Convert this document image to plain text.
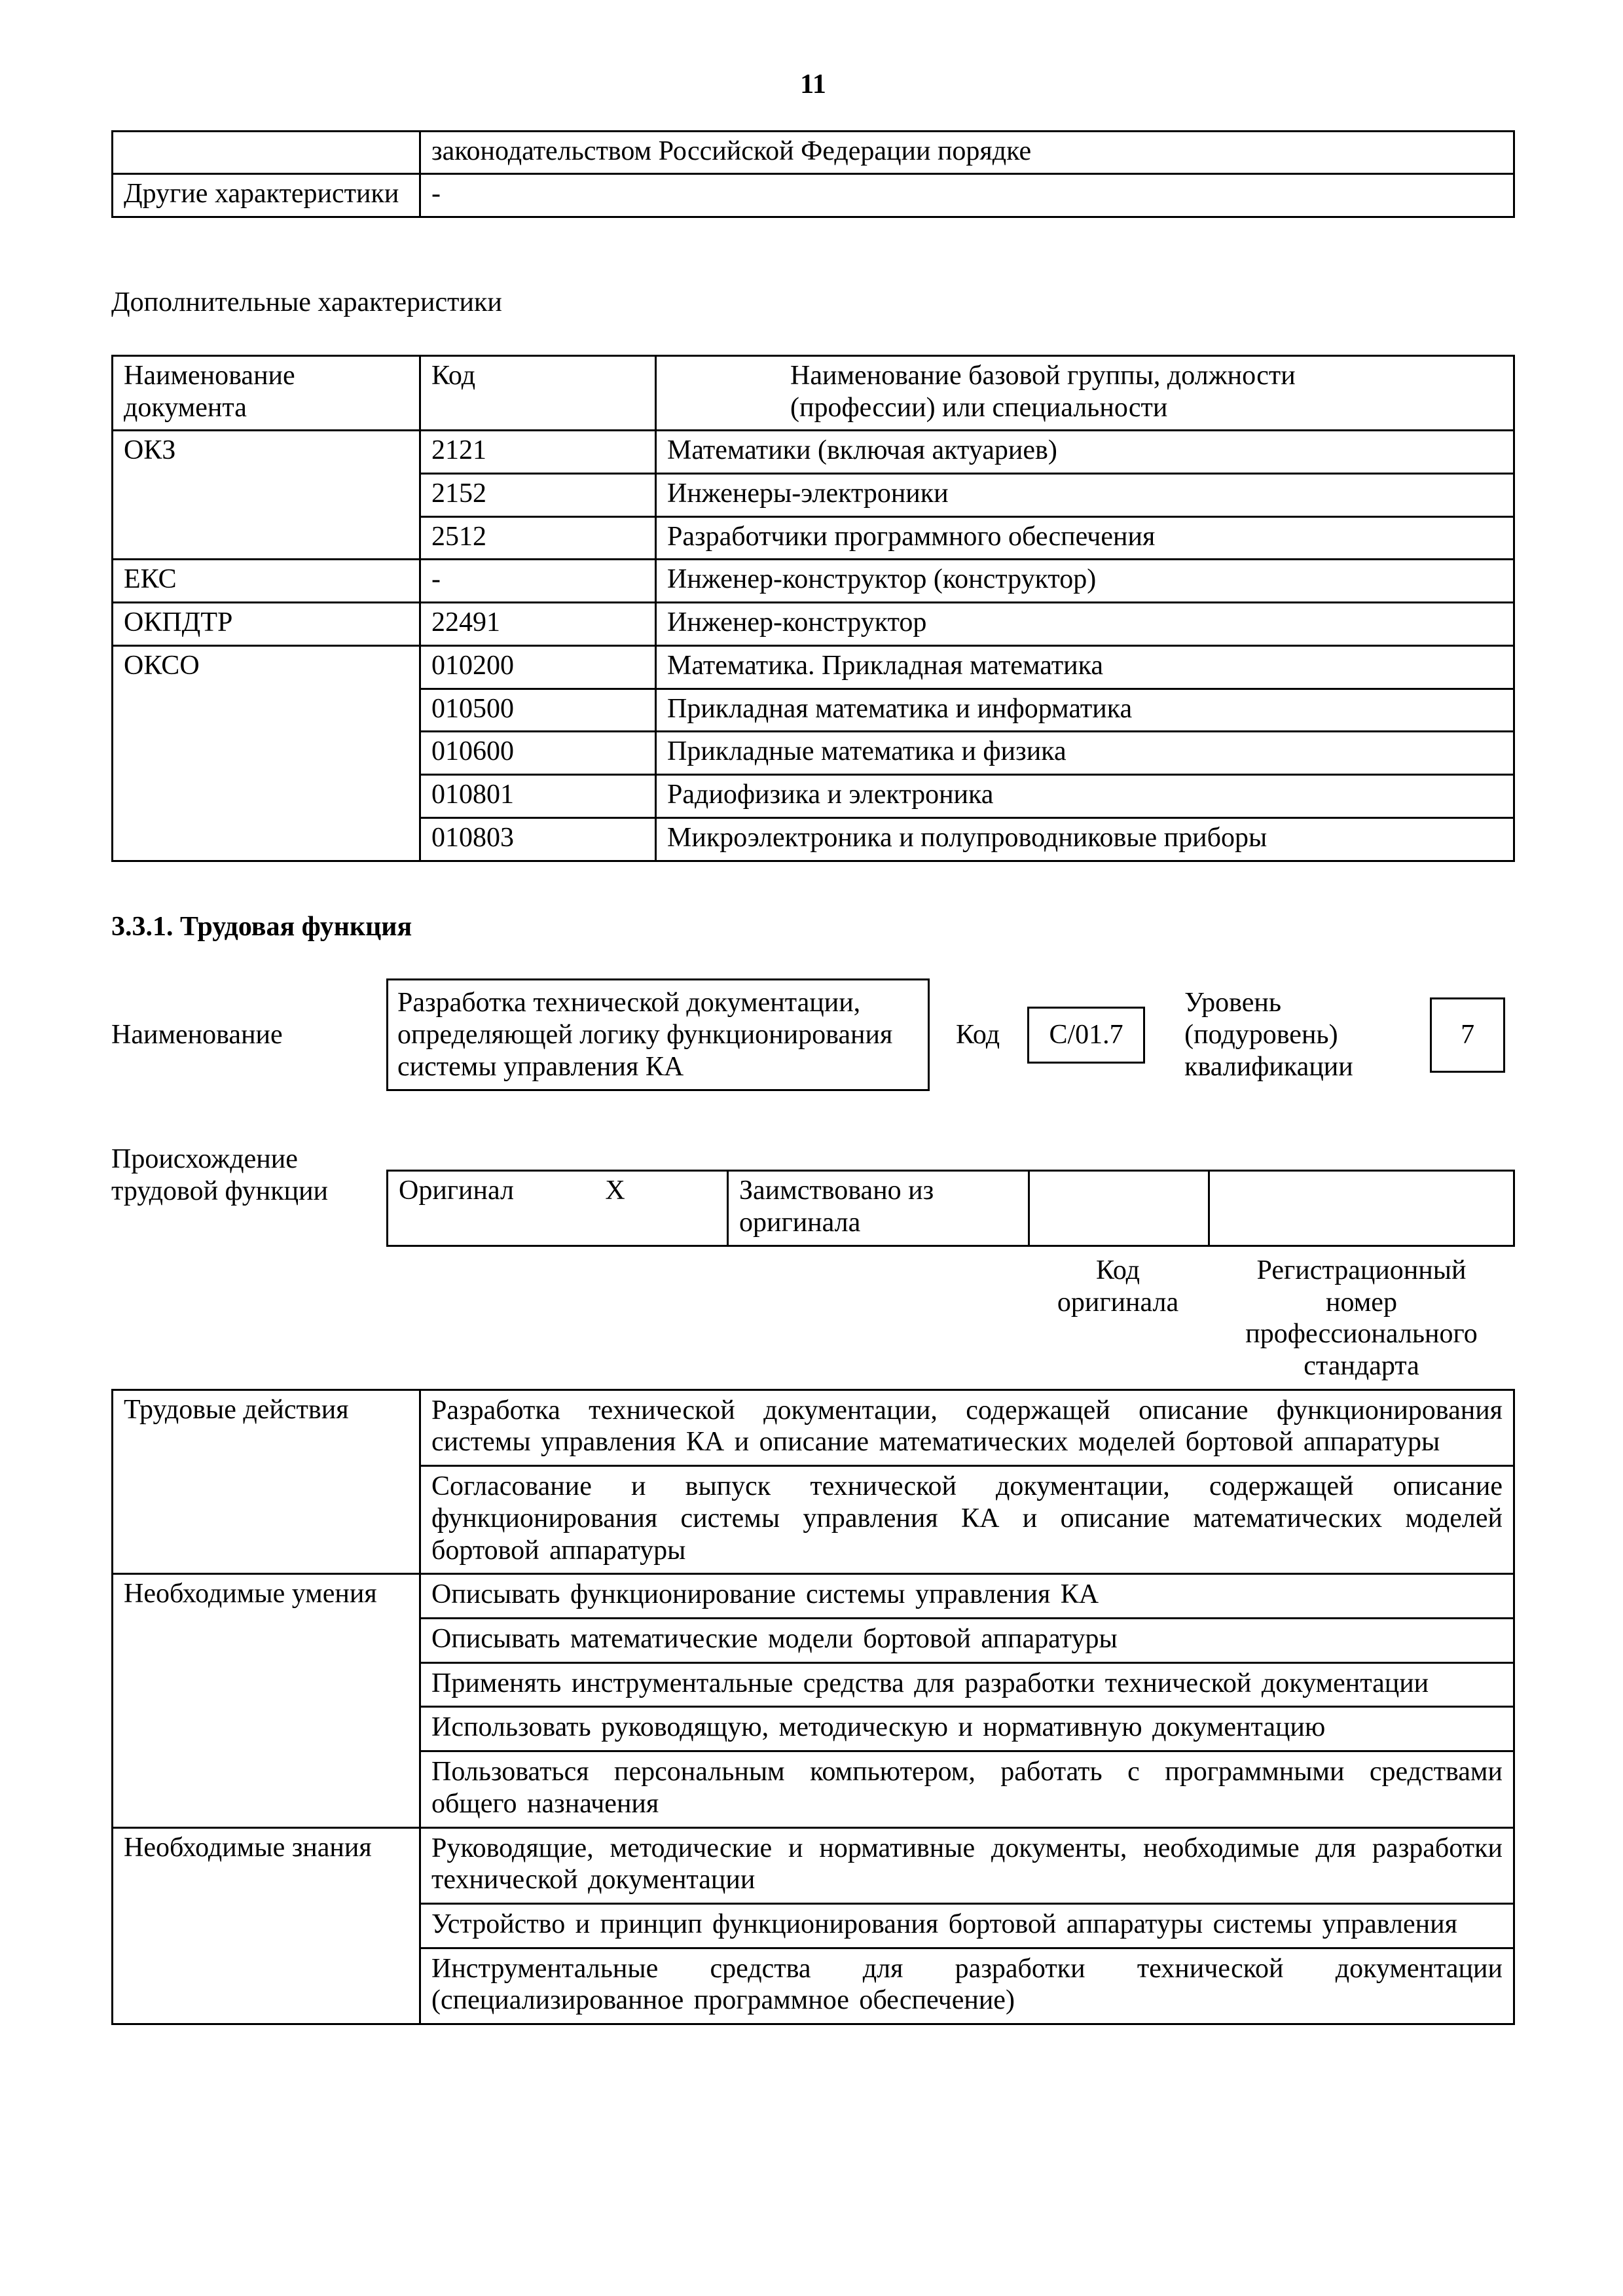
11
	законодательством Российской Федерации порядке
Другие характеристики	-
Дополнительные характеристики
Наименование документа	Код	Наименование базовой группы, должности (профессии) или специальности

ОКЗ	2121	Математики (включая актуариев)
	2152	Инженеры-электроники
	2512	Разработчики программного обеспечения
ЕКС	-	Инженер-конструктор (конструктор)
ОКПДТР	22491	Инженер-конструктор
ОКСО	010200	Математика. Прикладная математика
	010500	Прикладная математика и информатика
	010600	Прикладные математика и физика
	010801	Радиофизика и электроника
	010803	Микроэлектроника и полупроводниковые приборы
3.3.1. Трудовая функция
Наименование
Разработка технической документации, определяющей логику функционирования системы управления КА
Код	С/01.7
Уровень (подуровень) квалификации
7
Происхождение трудовой функции	Оригинал	X	Заимствовано из оригинала		
Код оригинала
Регистрационный номер профессионального стандарта
Трудовые действия	Разработка технической документации, содержащей описание функционирования системы управления КА и описание математических моделей бортовой аппаратуры
	Согласование и выпуск технической документации, содержащей описание функционирования системы управления КА и описание математических моделей бортовой аппаратуры
Необходимые умения	Описывать функционирование системы управления КА
	Описывать математические модели бортовой аппаратуры
	Применять инструментальные средства для разработки технической документации
	Использовать руководящую, методическую и нормативную документацию
	Пользоваться персональным компьютером, работать с программными средствами общего назначения
Необходимые знания	Руководящие, методические и нормативные документы, необходимые для разработки технической документации
	Устройство и принцип функционирования бортовой аппаратуры системы управления
	Инструментальные средства для разработки технической документации (специализированное программное обеспечение)
